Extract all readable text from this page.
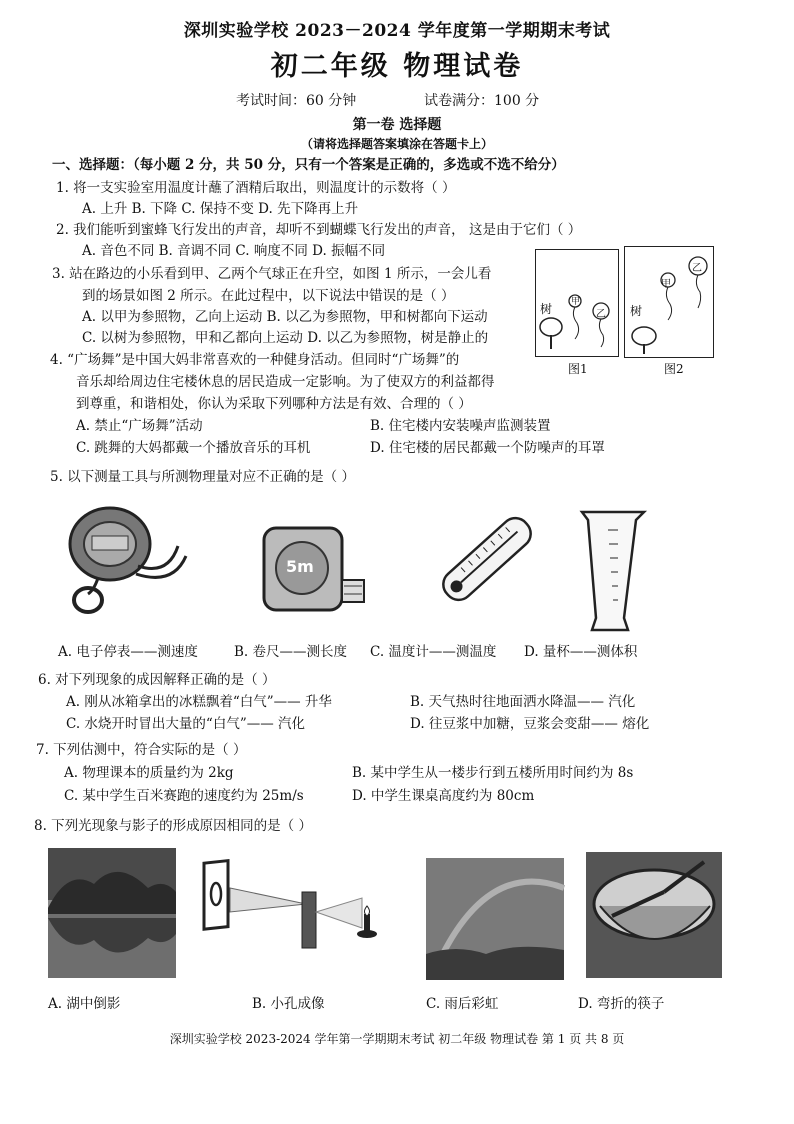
深圳实验学校 2023－2024 学年度第一学期期末考试
初二年级 物理试卷
考试时间：60 分钟	试卷满分：100 分
第一卷 选择题
（请将选择题答案填涂在答题卡上）
一、选择题：（每小题 2 分，共 50 分，只有一个答案是正确的，多选或不选不给分）
1. 将一支实验室用温度计蘸了酒精后取出，则温度计的示数将（ ）
A. 上升 B. 下降 C. 保持不变 D. 先下降再上升
2. 我们能听到蜜蜂飞行发出的声音，却听不到蝴蝶飞行发出的声音， 这是由于它们（ ）
A. 音色不同 B. 音调不同 C. 响度不同 D. 振幅不同
3. 站在路边的小乐看到甲、乙两个气球正在升空，如图 1 所示，一会儿看
到的场景如图 2 所示。在此过程中，以下说法中错误的是（ ）
A. 以甲为参照物，乙向上运动 B. 以乙为参照物，甲和树都向下运动
C. 以树为参照物，甲和乙都向上运动 D. 以乙为参照物，树是静止的
4. “广场舞”是中国大妈非常喜欢的一种健身活动。但同时“广场舞”的
音乐却给周边住宅楼休息的居民造成一定影响。为了使双方的利益都得
到尊重，和谐相处，你认为采取下列哪种方法是有效、合理的（ ）
A. 禁止“广场舞”活动	B. 住宅楼内安装噪声监测装置
C. 跳舞的大妈都戴一个播放音乐的耳机	D. 住宅楼的居民都戴一个防噪声的耳罩
树 甲
乙
图1
树
甲
乙
图2
5. 以下测量工具与所测物理量对应不正确的是（ ）
5m
A. 电子停表——测速度	B. 卷尺——测长度 C. 温度计——测温度 D. 量杯——测体积
6. 对下列现象的成因解释正确的是（ ）
A. 刚从冰箱拿出的冰糕飘着“白气”—— 升华	B. 天气热时往地面洒水降温—— 汽化
C. 水烧开时冒出大量的“白气”—— 汽化	D. 往豆浆中加糖，豆浆会变甜—— 熔化
7. 下列估测中，符合实际的是（ ）
A. 物理课本的质量约为 2kg	B. 某中学生从一楼步行到五楼所用时间约为 8s
C. 某中学生百米赛跑的速度约为 25m/s	D. 中学生课桌高度约为 80cm
8. 下列光现象与影子的形成原因相同的是（ ）
A. 湖中倒影	B. 小孔成像	C. 雨后彩虹	D. 弯折的筷子
深圳实验学校 2023-2024 学年第一学期期末考试 初二年级 物理试卷 第 1 页 共 8 页
